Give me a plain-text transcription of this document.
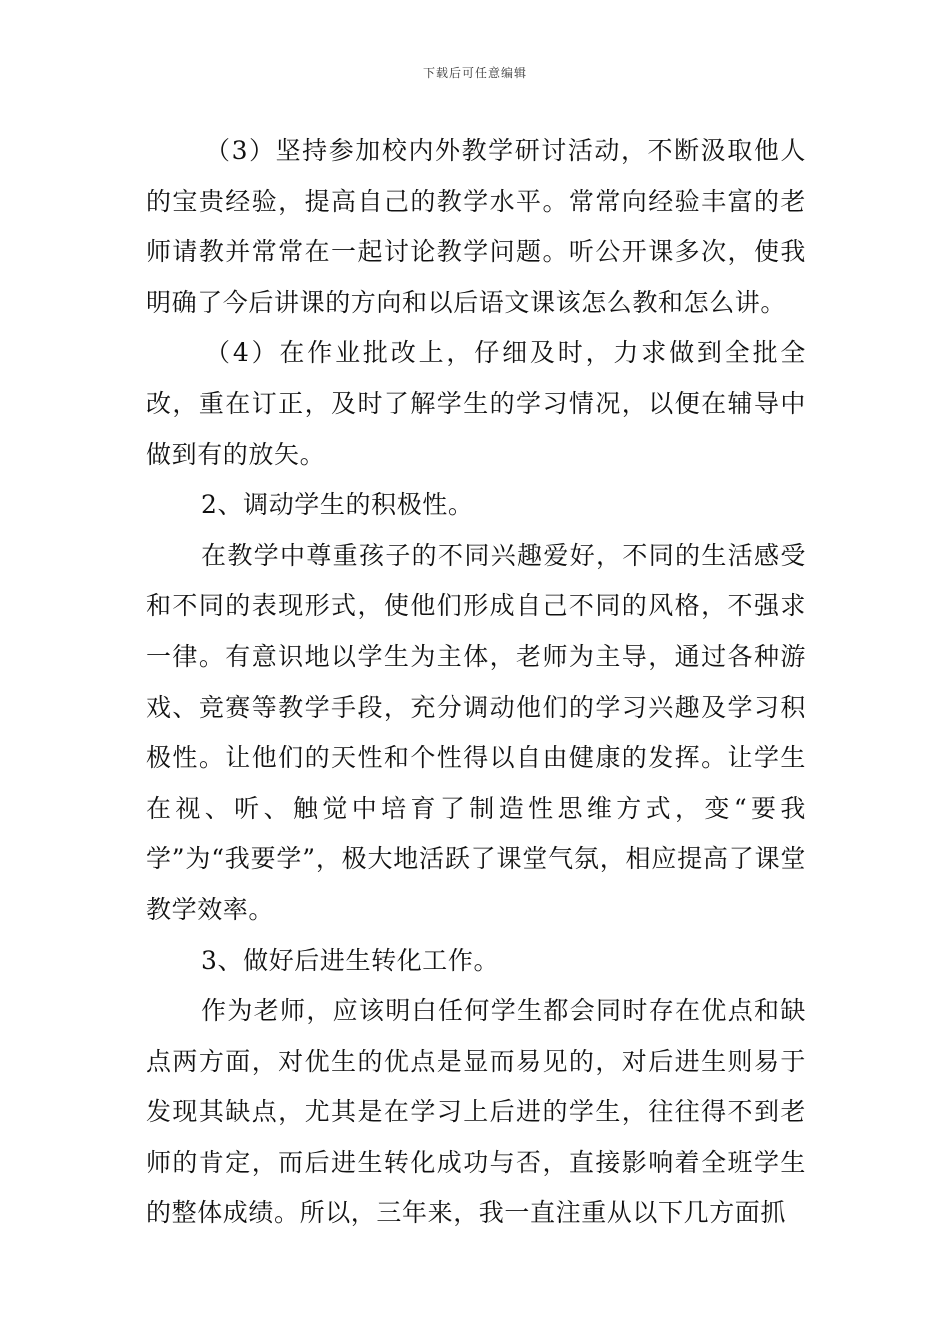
下载后可任意编辑

（3）坚持参加校内外教学研讨活动，不断汲取他人的宝贵经验，提高自己的教学水平。常常向经验丰富的老师请教并常常在一起讨论教学问题。听公开课多次，使我明确了今后讲课的方向和以后语文课该怎么教和怎么讲。

（4）在作业批改上，仔细及时，力求做到全批全改，重在订正，及时了解学生的学习情况，以便在辅导中做到有的放矢。

2、调动学生的积极性。

在教学中尊重孩子的不同兴趣爱好，不同的生活感受和不同的表现形式，使他们形成自己不同的风格，不强求一律。有意识地以学生为主体，老师为主导，通过各种游戏、竞赛等教学手段，充分调动他们的学习兴趣及学习积极性。让他们的天性和个性得以自由健康的发挥。让学生在视、听、触觉中培育了制造性思维方式，变“要我学”为“我要学”，极大地活跃了课堂气氛，相应提高了课堂教学效率。

3、做好后进生转化工作。

作为老师，应该明白任何学生都会同时存在优点和缺点两方面，对优生的优点是显而易见的，对后进生则易于发现其缺点，尤其是在学习上后进的学生，往往得不到老师的肯定，而后进生转化成功与否，直接影响着全班学生的整体成绩。所以，三年来，我一直注重从以下几方面抓
